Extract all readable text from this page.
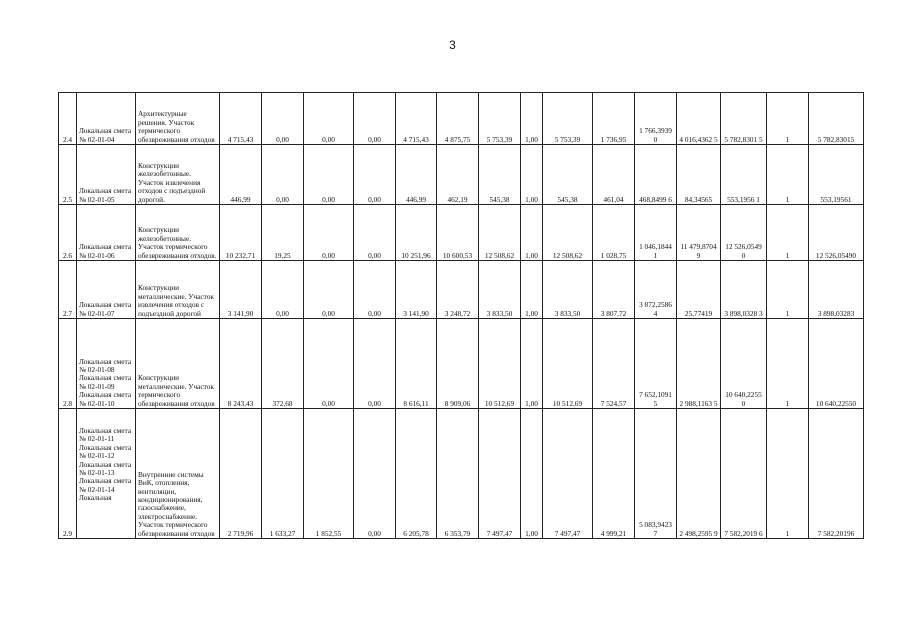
3
2.4	Локальная смета № 02-01-04	Архитектурные решения. Участок термического обезвреживания отходов	4 715,43	0,00	0,00	0,00	4 715,43	4 875,75	5 753,39	1,00	5 753,39	1 736,95	1 766,3939 0	4 016,4362 5	5 782,8301 5	1	5 782,83015
2.5	Локальная смета № 02-01-05	Конструкции железобетонные. Участок извлечения отходов с подъездной дорогой.	446,99	0,00	0,00	0,00	446,99	462,19	545,38	1,00	545,38	461,04	468,8499 6	84,34565	553,1956 1	1	553,19561
2.6	Локальная смета № 02-01-06	Конструкции железобетонные. Участок термического обезвреживания отходов.	10 232,71	19,25	0,00	0,00	10 251,96	10 600,53	12 508,62	1,00	12 508,62	1 028,75	1 046,1844 1	11 479,8704 9	12 526,0549 0	1	12 526,05490
2.7	Локальная смета № 02-01-07	Конструкции металлические. Участок извлечения отходов с подъездной дорогой	3 141,90	0,00	0,00	0,00	3 141,90	3 248,72	3 833,50	1,00	3 833,50	3 807,72	3 872,2586 4	25,77419	3 898,0328 3	1	3 898,03283
2.8	Локальная смета № 02-01-08 Локальная смета № 02-01-09 Локальная смета № 02-01-10	Конструкции металлические. Участок термического обезвреживания отходов	8 243,43	372,68	0,00	0,00	8 616,11	8 909,06	10 512,69	1,00	10 512,69	7 524,57	7 652,1091 5	2 988,1163 5	10 640,2255 0	1	10 640,22550
2.9	Локальная смета № 02-01-11 Локальная смета № 02-01-12 Локальная смета № 02-01-13 Локальная смета № 02-01-14 Локальная	Внутренние системы ВиК, отопления, вентиляции, кондиционирования, газоснабжение, электроснабжение. Участок термического обезвреживания отходов	2 719,96	1 633,27	1 852,55	0,00	6 205,78	6 353,79	7 497,47	1,00	7 497,47	4 999,21	5 083,9423 7	2 498,2595 9	7 582,2019 6	1	7 582,20196
